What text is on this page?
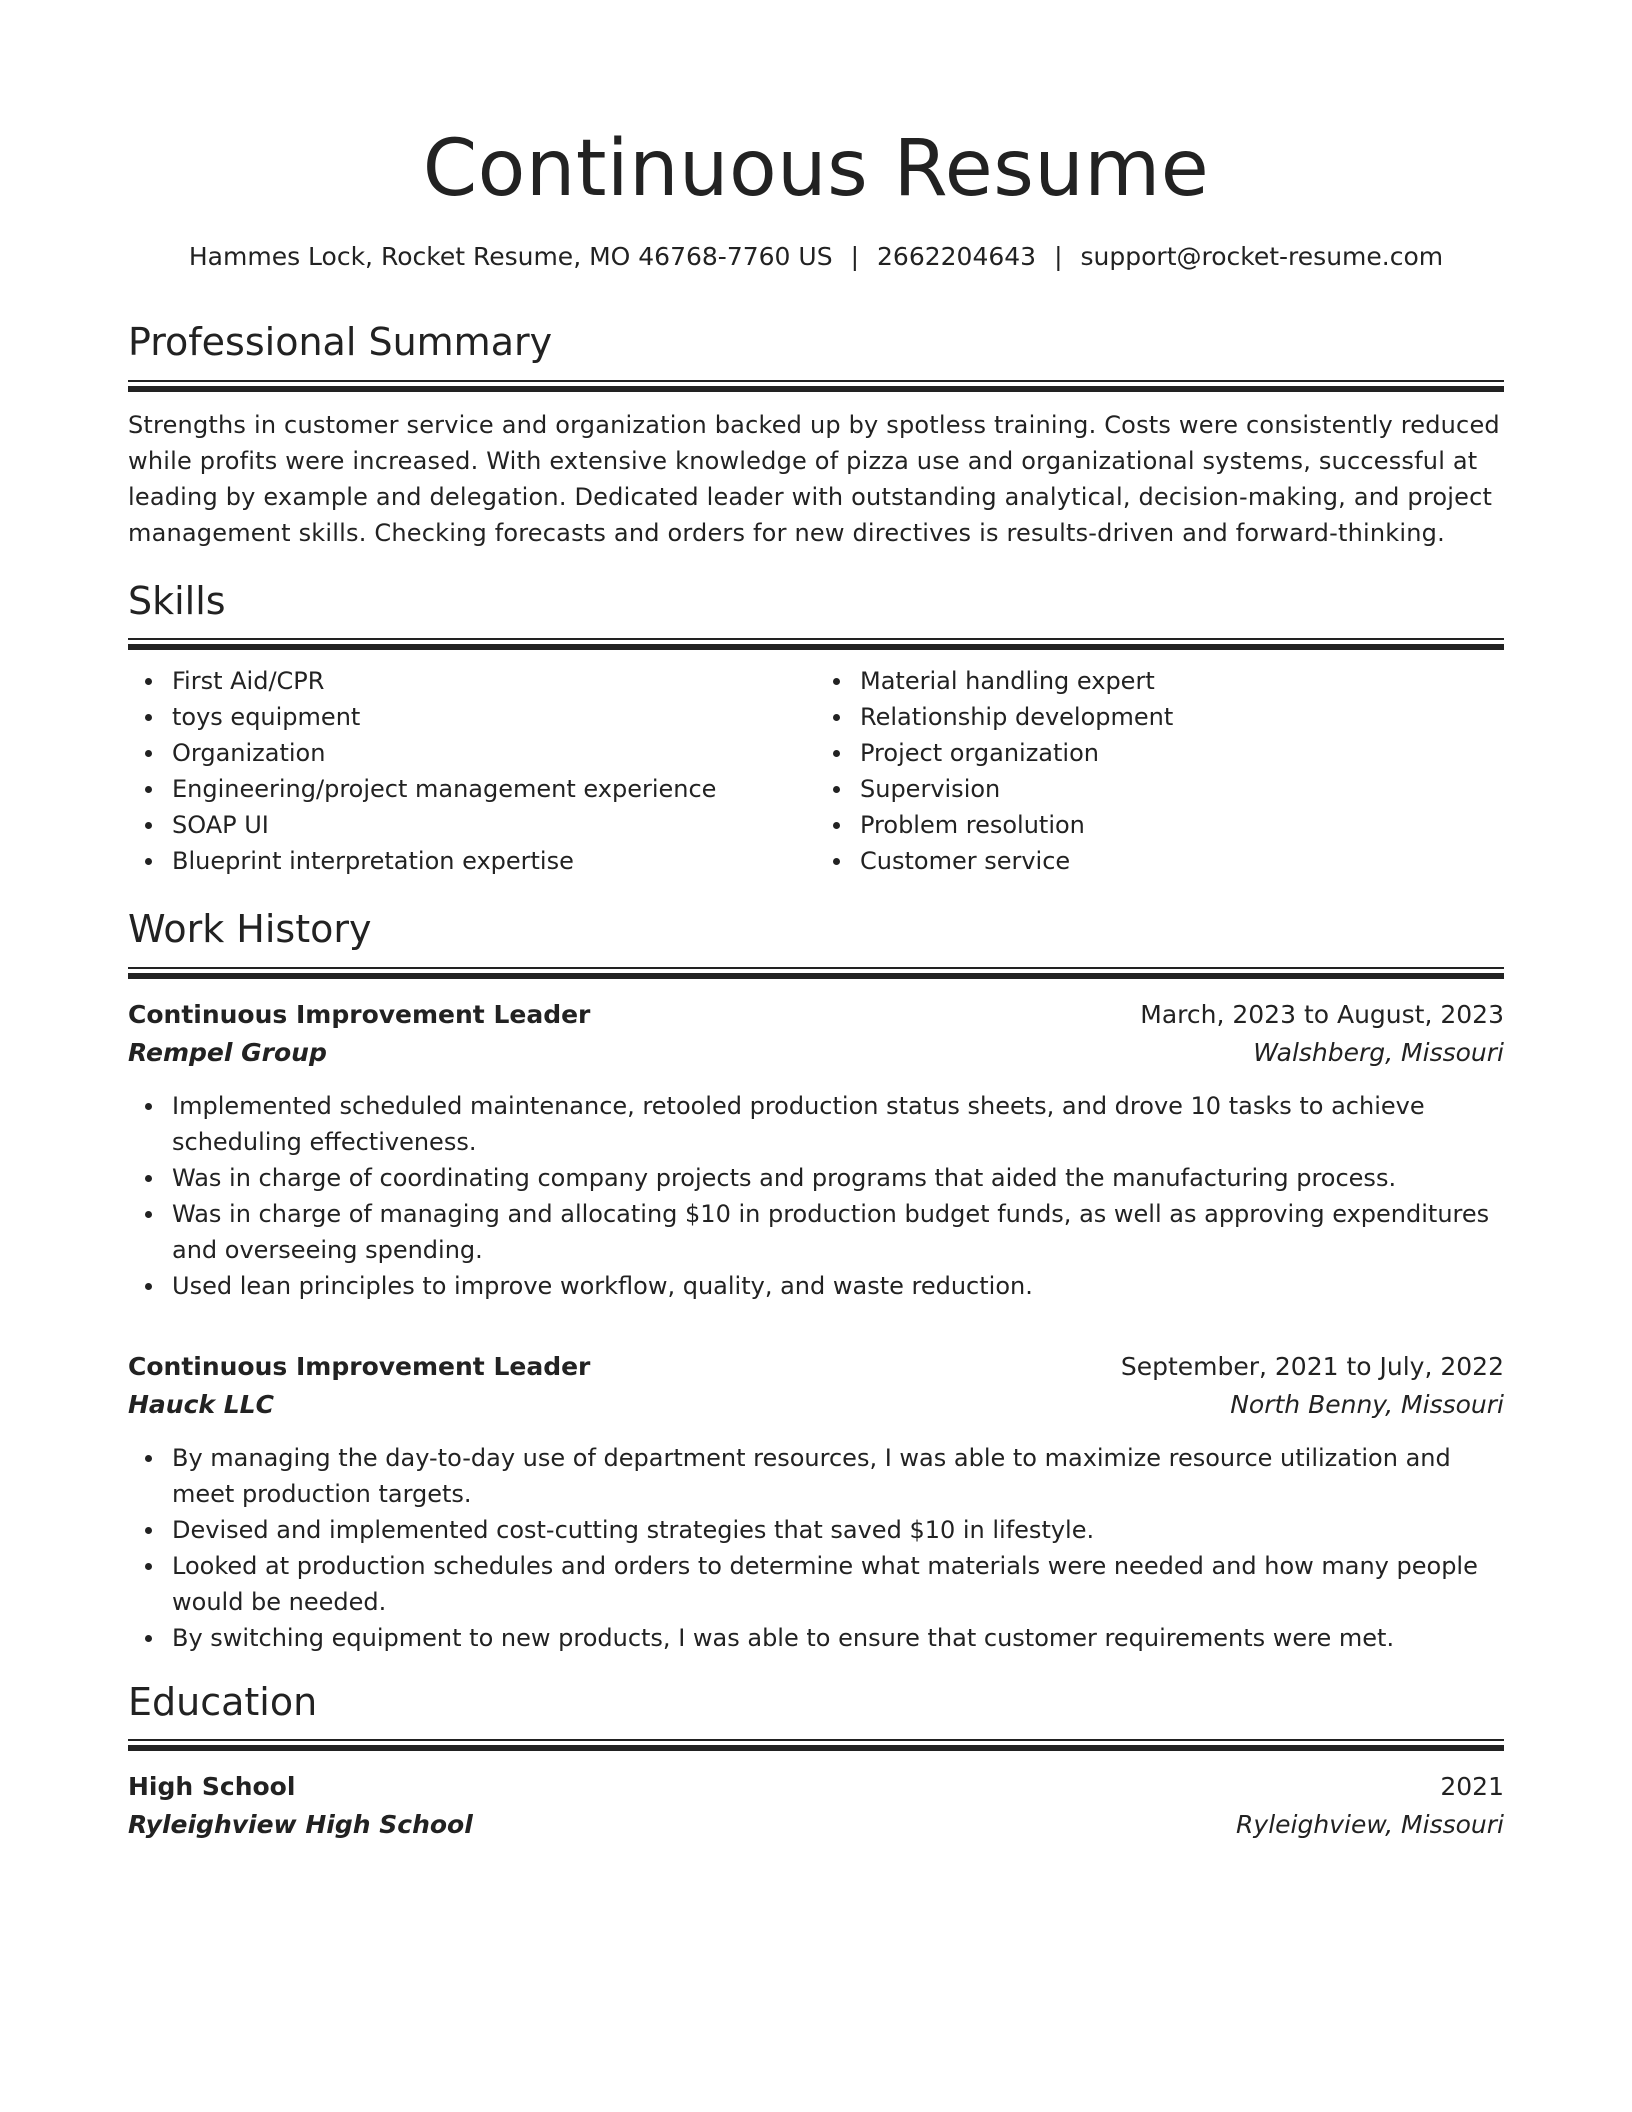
Continuous Resume
Hammes Lock, Rocket Resume, MO 46768-7760 US | 2662204643 | support@rocket-resume.com
Professional Summary
Strengths in customer service and organization backed up by spotless training. Costs were consistently reduced while profits were increased. With extensive knowledge of pizza use and organizational systems, successful at leading by example and delegation. Dedicated leader with outstanding analytical, decision-making, and project management skills. Checking forecasts and orders for new directives is results-driven and forward-thinking.
Skills
First Aid/CPR
toys equipment
Organization
Engineering/project management experience
SOAP UI
Blueprint interpretation expertise
Material handling expert
Relationship development
Project organization
Supervision
Problem resolution
Customer service
Work History
Continuous Improvement Leader	March, 2023 to August, 2023
Rempel Group	Walshberg, Missouri
Implemented scheduled maintenance, retooled production status sheets, and drove 10 tasks to achieve scheduling effectiveness.
Was in charge of coordinating company projects and programs that aided the manufacturing process.
Was in charge of managing and allocating $10 in production budget funds, as well as approving expenditures and overseeing spending.
Used lean principles to improve workflow, quality, and waste reduction.
Continuous Improvement Leader	September, 2021 to July, 2022
Hauck LLC	North Benny, Missouri
By managing the day-to-day use of department resources, I was able to maximize resource utilization and meet production targets.
Devised and implemented cost-cutting strategies that saved $10 in lifestyle.
Looked at production schedules and orders to determine what materials were needed and how many people would be needed.
By switching equipment to new products, I was able to ensure that customer requirements were met.
Education
High School	2021
Ryleighview High School	Ryleighview, Missouri
